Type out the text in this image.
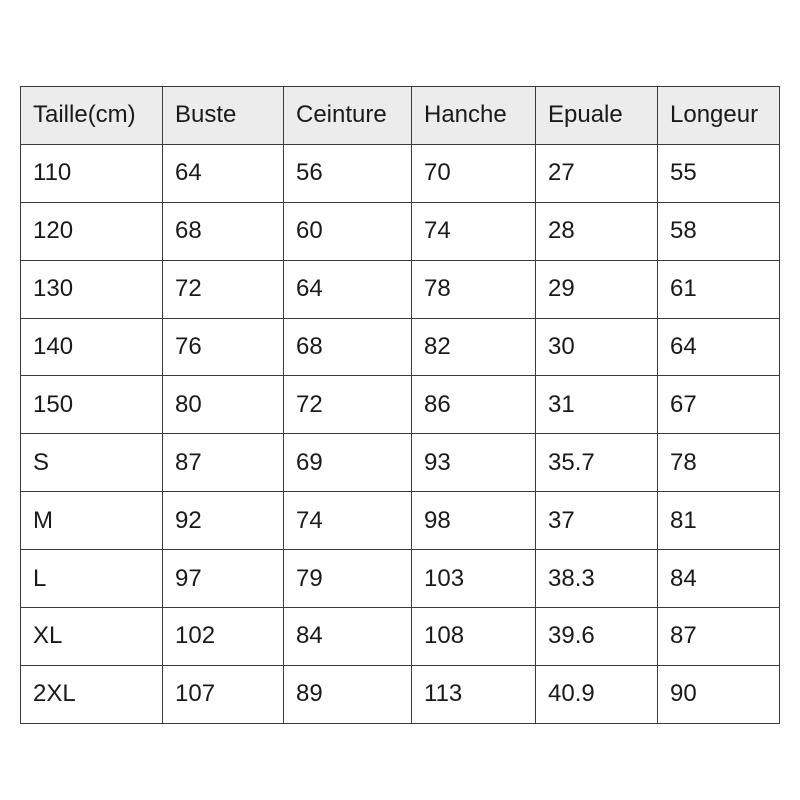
Taille(cm)	Buste	Ceinture	Hanche	Epuale	Longeur
110	64	56	70	27	55
120	68	60	74	28	58
130	72	64	78	29	61
140	76	68	82	30	64
150	80	72	86	31	67
S	87	69	93	35.7	78
M	92	74	98	37	81
L	97	79	103	38.3	84
XL	102	84	108	39.6	87
2XL	107	89	113	40.9	90
